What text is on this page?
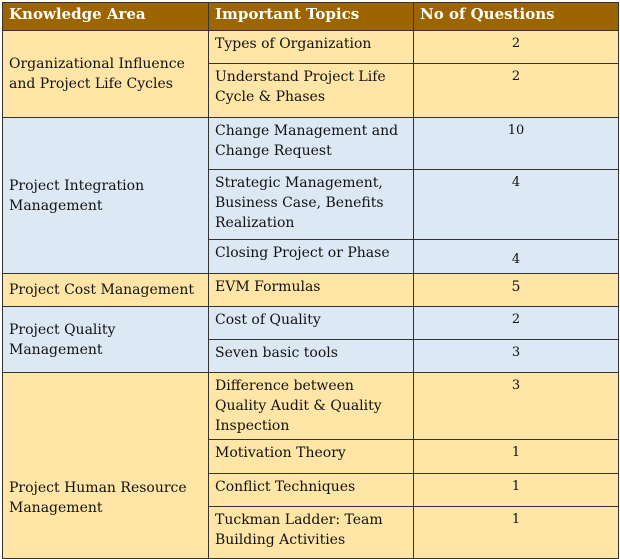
Knowledge Area	Important Topics	No of Questions
Organizational Influence and Project Life Cycles	Types of Organization	2
	Understand Project Life Cycle & Phases	2
Project Integration Management	Change Management and Change Request	10
	Strategic Management, Business Case, Benefits Realization	4
	Closing Project or Phase	4
Project Cost Management	EVM Formulas	5
Project Quality Management	Cost of Quality	2
	Seven basic tools	3
Project Human Resource Management	Difference between Quality Audit & Quality Inspection	3
	Motivation Theory	1
	Conflict Techniques	1
	Tuckman Ladder: Team Building Activities	1
